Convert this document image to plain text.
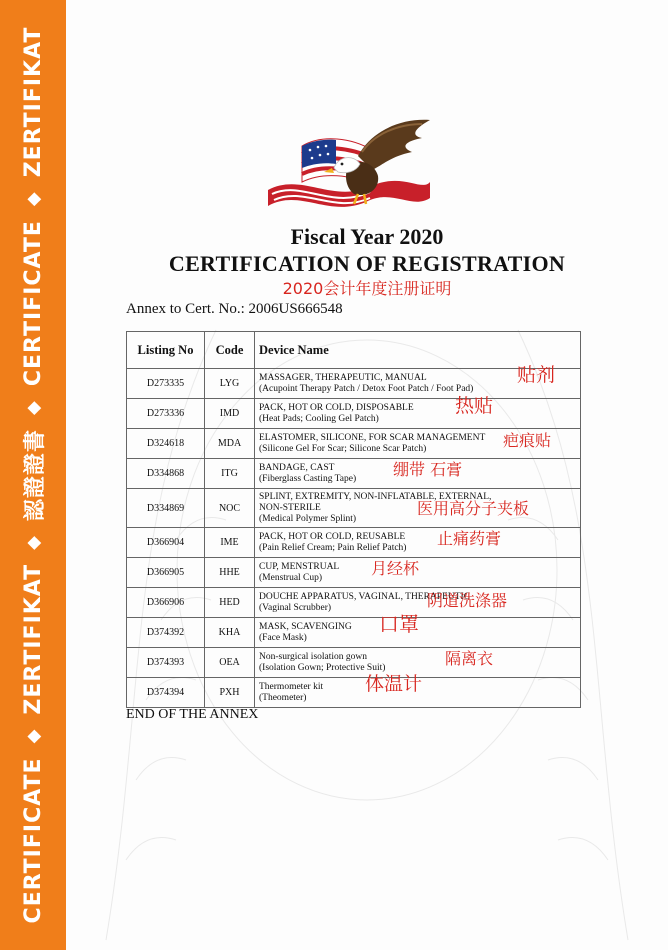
CERTIFICATE
◆
ZERTIFIKAT
◆
認證證書
◆
CERTIFICATE
◆
ZERTIFIKAT
Fiscal Year 2020
CERTIFICATION OF REGISTRATION
2020会计年度注册证明
Annex to Cert. No.: 2006US666548
Listing No	Code	Device Name
D273335	LYG	MASSAGER, THERAPEUTIC, MANUAL
(Acupoint Therapy Patch / Detox Foot Patch / Foot Pad)
贴剂

D273336	IMD	PACK, HOT OR COLD, DISPOSABLE
(Heat Pads; Cooling Gel Patch)
热贴

D324618	MDA	ELASTOMER, SILICONE, FOR SCAR MANAGEMENT
(Silicone Gel For Scar; Silicone Scar Patch) 疤痕贴

D334868	ITG	BANDAGE, CAST
(Fiberglass Casting Tape) 绷带 石膏

D334869	NOC	SPLINT, EXTREMITY, NON-INFLATABLE, EXTERNAL,
NON-STERILE
(Medical Polymer Splint)
医用高分子夹板

D366904	IME	PACK, HOT OR COLD, REUSABLE
(Pain Relief Cream; Pain Relief Patch) 止痛药膏

D366905	HHE	CUP, MENSTRUAL
(Menstrual Cup) 月经杯

D366906	HED	DOUCHE APPARATUS, VAGINAL, THERAPEUTIC
(Vaginal Scrubber) 阴道洗涤器

D374392	KHA	MASK, SCAVENGING
(Face Mask)
口罩

D374393	OEA	Non-surgical isolation gown
(Isolation Gown; Protective Suit) 隔离衣

D374394	PXH	Thermometer kit
(Theometer)
体温计
END OF THE ANNEX
